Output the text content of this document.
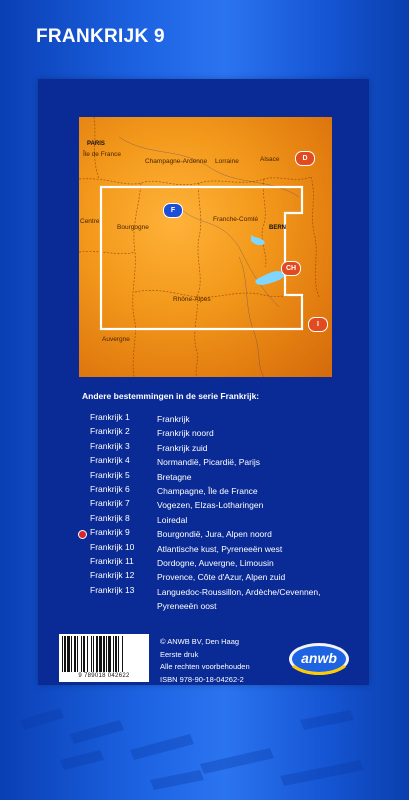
FRANKRIJK 9
Île de France
Champagne-Ardenne Lorraine	Alsace
Centre
Bourgogne
Franche-Comté
Rhône-Alpes
Auvergne
PARIS
BERN
D
CH
I
F
Andere bestemmingen in de serie Frankrijk:
Frankrijk 1	Frankrijk
Frankrijk 2	Frankrijk noord
Frankrijk 3	Frankrijk zuid
Frankrijk 4	Normandië, Picardië, Parijs
Frankrijk 5	Bretagne
Frankrijk 6	Champagne, Île de France
Frankrijk 7	Vogezen, Elzas-Lotharingen
Frankrijk 8	Loiredal
Frankrijk 9	Bourgondië, Jura, Alpen noord
Frankrijk 10	Atlantische kust, Pyreneeën west
Frankrijk 11	Dordogne, Auvergne, Limousin
Frankrijk 12	Provence, Côte d'Azur, Alpen zuid
Frankrijk 13	Languedoc-Roussillon, Ardèche/Cevennen, Pyreneeën oost
9 789018 042622
© ANWB BV, Den Haag
Eerste druk
Alle rechten voorbehouden
ISBN 978-90-18-04262-2
anwb
